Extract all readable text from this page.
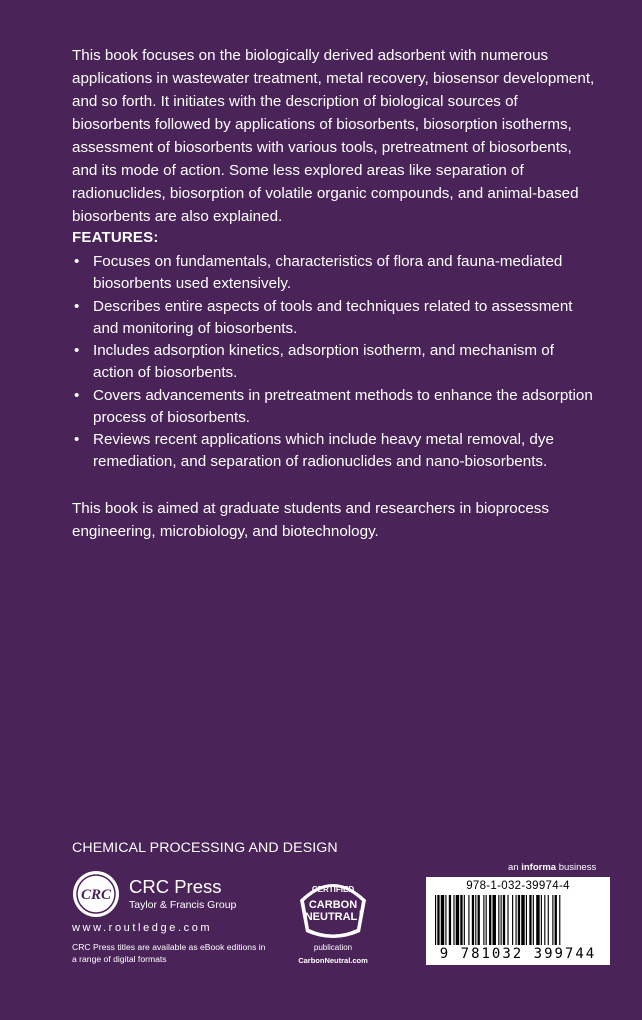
This book focuses on the biologically derived adsorbent with numerous applications in wastewater treatment, metal recovery, biosensor development, and so forth. It initiates with the description of biological sources of biosorbents followed by applications of biosorbents, biosorption isotherms, assessment of biosorbents with various tools, pretreatment of biosorbents, and its mode of action. Some less explored areas like separation of radionuclides, biosorption of volatile organic compounds, and animal-based biosorbents are also explained.

FEATURES:

• Focuses on fundamentals, characteristics of flora and fauna-mediated biosorbents used extensively.
• Describes entire aspects of tools and techniques related to assessment and monitoring of biosorbents.
• Includes adsorption kinetics, adsorption isotherm, and mechanism of action of biosorbents.
• Covers advancements in pretreatment methods to enhance the adsorption process of biosorbents.
• Reviews recent applications which include heavy metal removal, dye remediation, and separation of radionuclides and nano-biosorbents.

This book is aimed at graduate students and researchers in bioprocess engineering, microbiology, and biotechnology.

CHEMICAL PROCESSING AND DESIGN

CRC CRC Press

Taylor & Francis Group

www.routledge.com

CRC Press titles are available as eBook editions in a range of digital formats

CERTIFIED
CARBON
NEUTRAL ®
publication
CarbonNeutral.com

an informa business

978-1-032-39974-4

9 781032 399744
